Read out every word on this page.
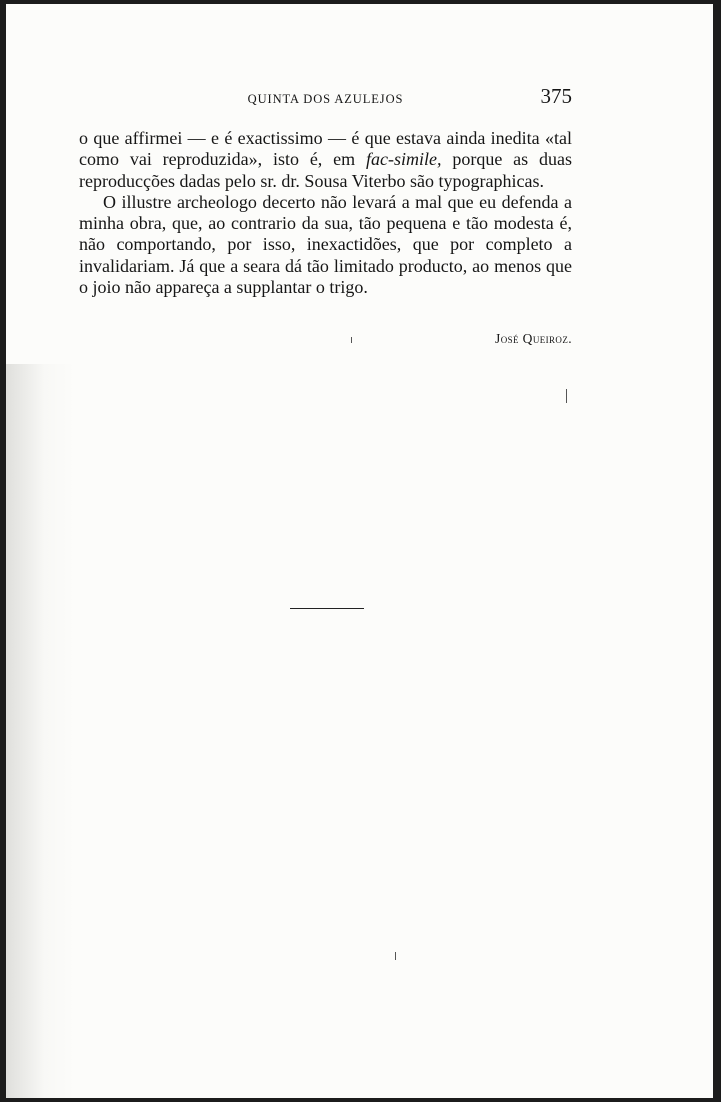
QUINTA DOS AZULEJOS	375

o que affirmei — e é exactissimo — é que estava ainda inedita «tal como vai reproduzida», isto é, em fac-simile, porque as duas reproducções dadas pelo sr. dr. Sousa Viterbo são typographicas.

O illustre archeologo decerto não levará a mal que eu defenda a minha obra, que, ao contrario da sua, tão pequena e tão modesta é, não comportando, por isso, inexactidões, que por completo a invalidariam. Já que a seara dá tão limitado producto, ao menos que o joio não appareça a supplantar o trigo.

José Queiroz.
